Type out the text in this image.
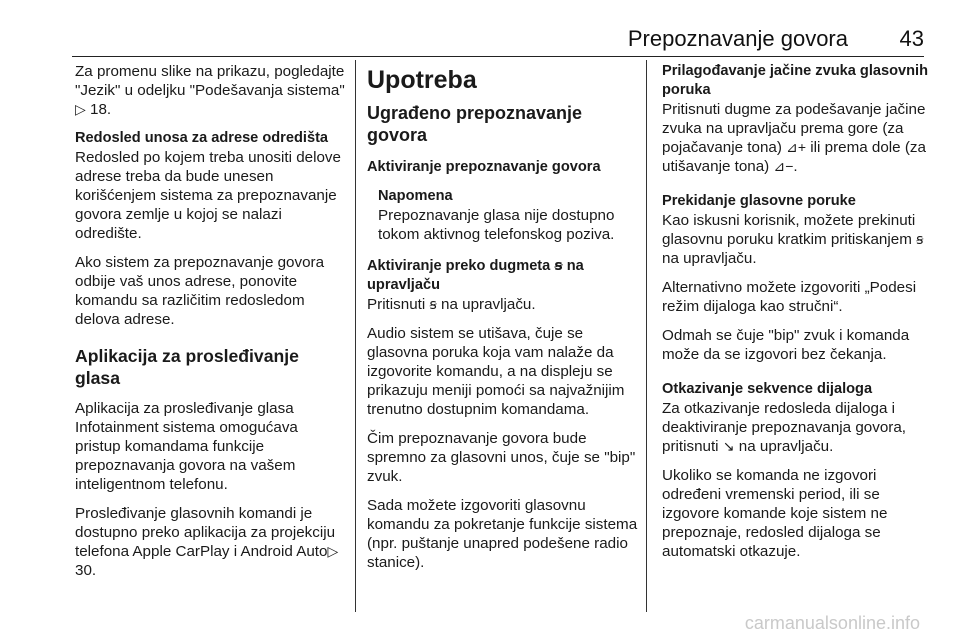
Prepoznavanje govora 43

Za promenu slike na prikazu, pogledajte "Jezik" u odeljku "Podešavanja sistema" ▷ 18.

Redosled unosa za adrese odredišta

Redosled po kojem treba unositi delove adrese treba da bude unesen korišćenjem sistema za prepoznavanje govora zemlje u kojoj se nalazi odredište.

Ako sistem za prepoznavanje govora odbije vaš unos adrese, ponovite komandu sa različitim redosledom delova adrese.

Aplikacija za prosleđivanje glasa

Aplikacija za prosleđivanje glasa Infotainment sistema omogućava pristup komandama funkcije prepoznavanja govora na vašem inteligentnom telefonu.

Prosleđivanje glasovnih komandi je dostupno preko aplikacija za projekciju telefona Apple CarPlay i Android Auto▷ 30.

Upotreba
Ugrađeno prepoznavanje govora

Aktiviranje prepoznavanje govora

Napomena
Prepoznavanje glasa nije dostupno tokom aktivnog telefonskog poziva.

Aktiviranje preko dugmeta ꞩ na upravljaču

Pritisnuti ꞩ na upravljaču.

Audio sistem se utišava, čuje se glasovna poruka koja vam nalaže da izgovorite komandu, a na displeju se prikazuju meniji pomoći sa najvažnijim trenutno dostupnim komandama.

Čim prepoznavanje govora bude spremno za glasovni unos, čuje se "bip" zvuk.

Sada možete izgovoriti glasovnu komandu za pokretanje funkcije sistema (npr. puštanje unapred podešene radio stanice).

Prilagođavanje jačine zvuka glasovnih poruka

Pritisnuti dugme za podešavanje jačine zvuka na upravljaču prema gore (za pojačavanje tona) ⊿+ ili prema dole (za utišavanje tona) ⊿−.

Prekidanje glasovne poruke

Kao iskusni korisnik, možete prekinuti glasovnu poruku kratkim pritiskanjem ꞩ na upravljaču.

Alternativno možete izgovoriti „Podesi režim dijaloga kao stručni“.

Odmah se čuje "bip" zvuk i komanda može da se izgovori bez čekanja.

Otkazivanje sekvence dijaloga

Za otkazivanje redosleda dijaloga i deaktiviranje prepoznavanja govora, pritisnuti ↘ na upravljaču.

Ukoliko se komanda ne izgovori određeni vremenski period, ili se izgovore komande koje sistem ne prepoznaje, redosled dijaloga se automatski otkazuje.

carmanualsonline.info
